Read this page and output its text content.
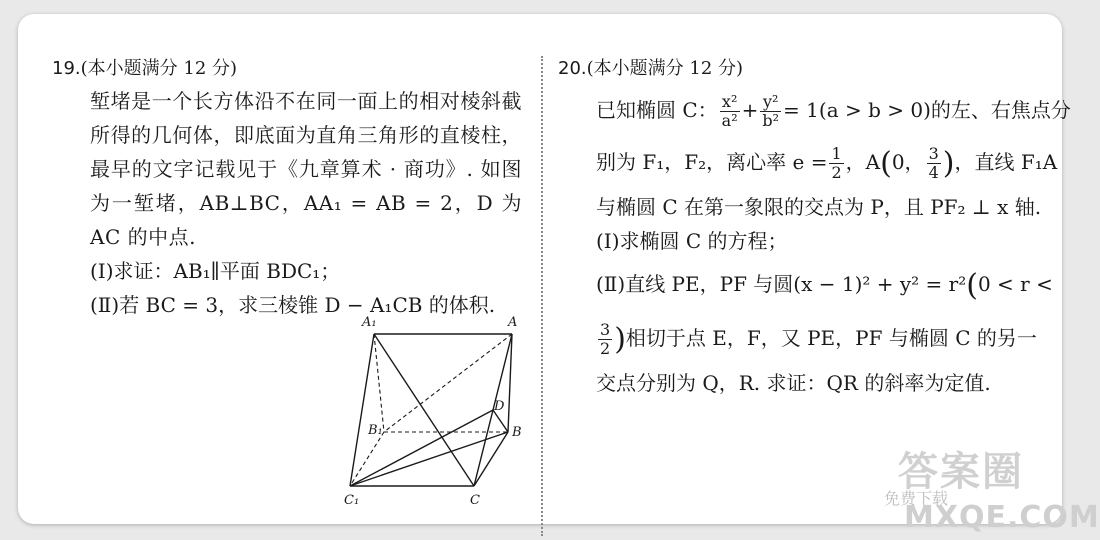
19.(本小题满分 12 分)
堑堵是一个长方体沿不在同一面上的相对棱斜截所得的几何体，即底面为直角三角形的直棱柱，最早的文字记载见于《九章算术 · 商功》. 如图为一堑堵，AB⊥BC，AA₁ = AB = 2，D 为 AC 的中点.
(Ⅰ)求证：AB₁∥平面 BDC₁；
(Ⅱ)若 BC = 3，求三棱锥 D − A₁CB 的体积.
A₁	A
B₁	B
D
C₁	C
20.(本小题满分 12 分)
已知椭圆 C： $\frac{\text{x²}}{\text{a²}} + \frac{\text{y²}}{\text{b²}} = 1(a > b > 0)$的左、右焦点分
别为 F₁，F₂，离心率 $e = \frac{1}{2}$ ，A(0， $\frac{3}{4}$ )，直线 F₁A
与椭圆 C 在第一象限的交点为 P，且 PF₂ ⊥ x 轴.
(Ⅰ)求椭圆 C 的方程；
(Ⅱ)直线 PE，PF 与圆(x − 1)² + y² = r²(0 < r <
$\frac{3}{2}$ )相切于点 E，F，又 PE，PF 与椭圆 C 的另一
交点分别为 Q，R. 求证：QR 的斜率为定值.
答案圈
免费下载
MXQE.COM
